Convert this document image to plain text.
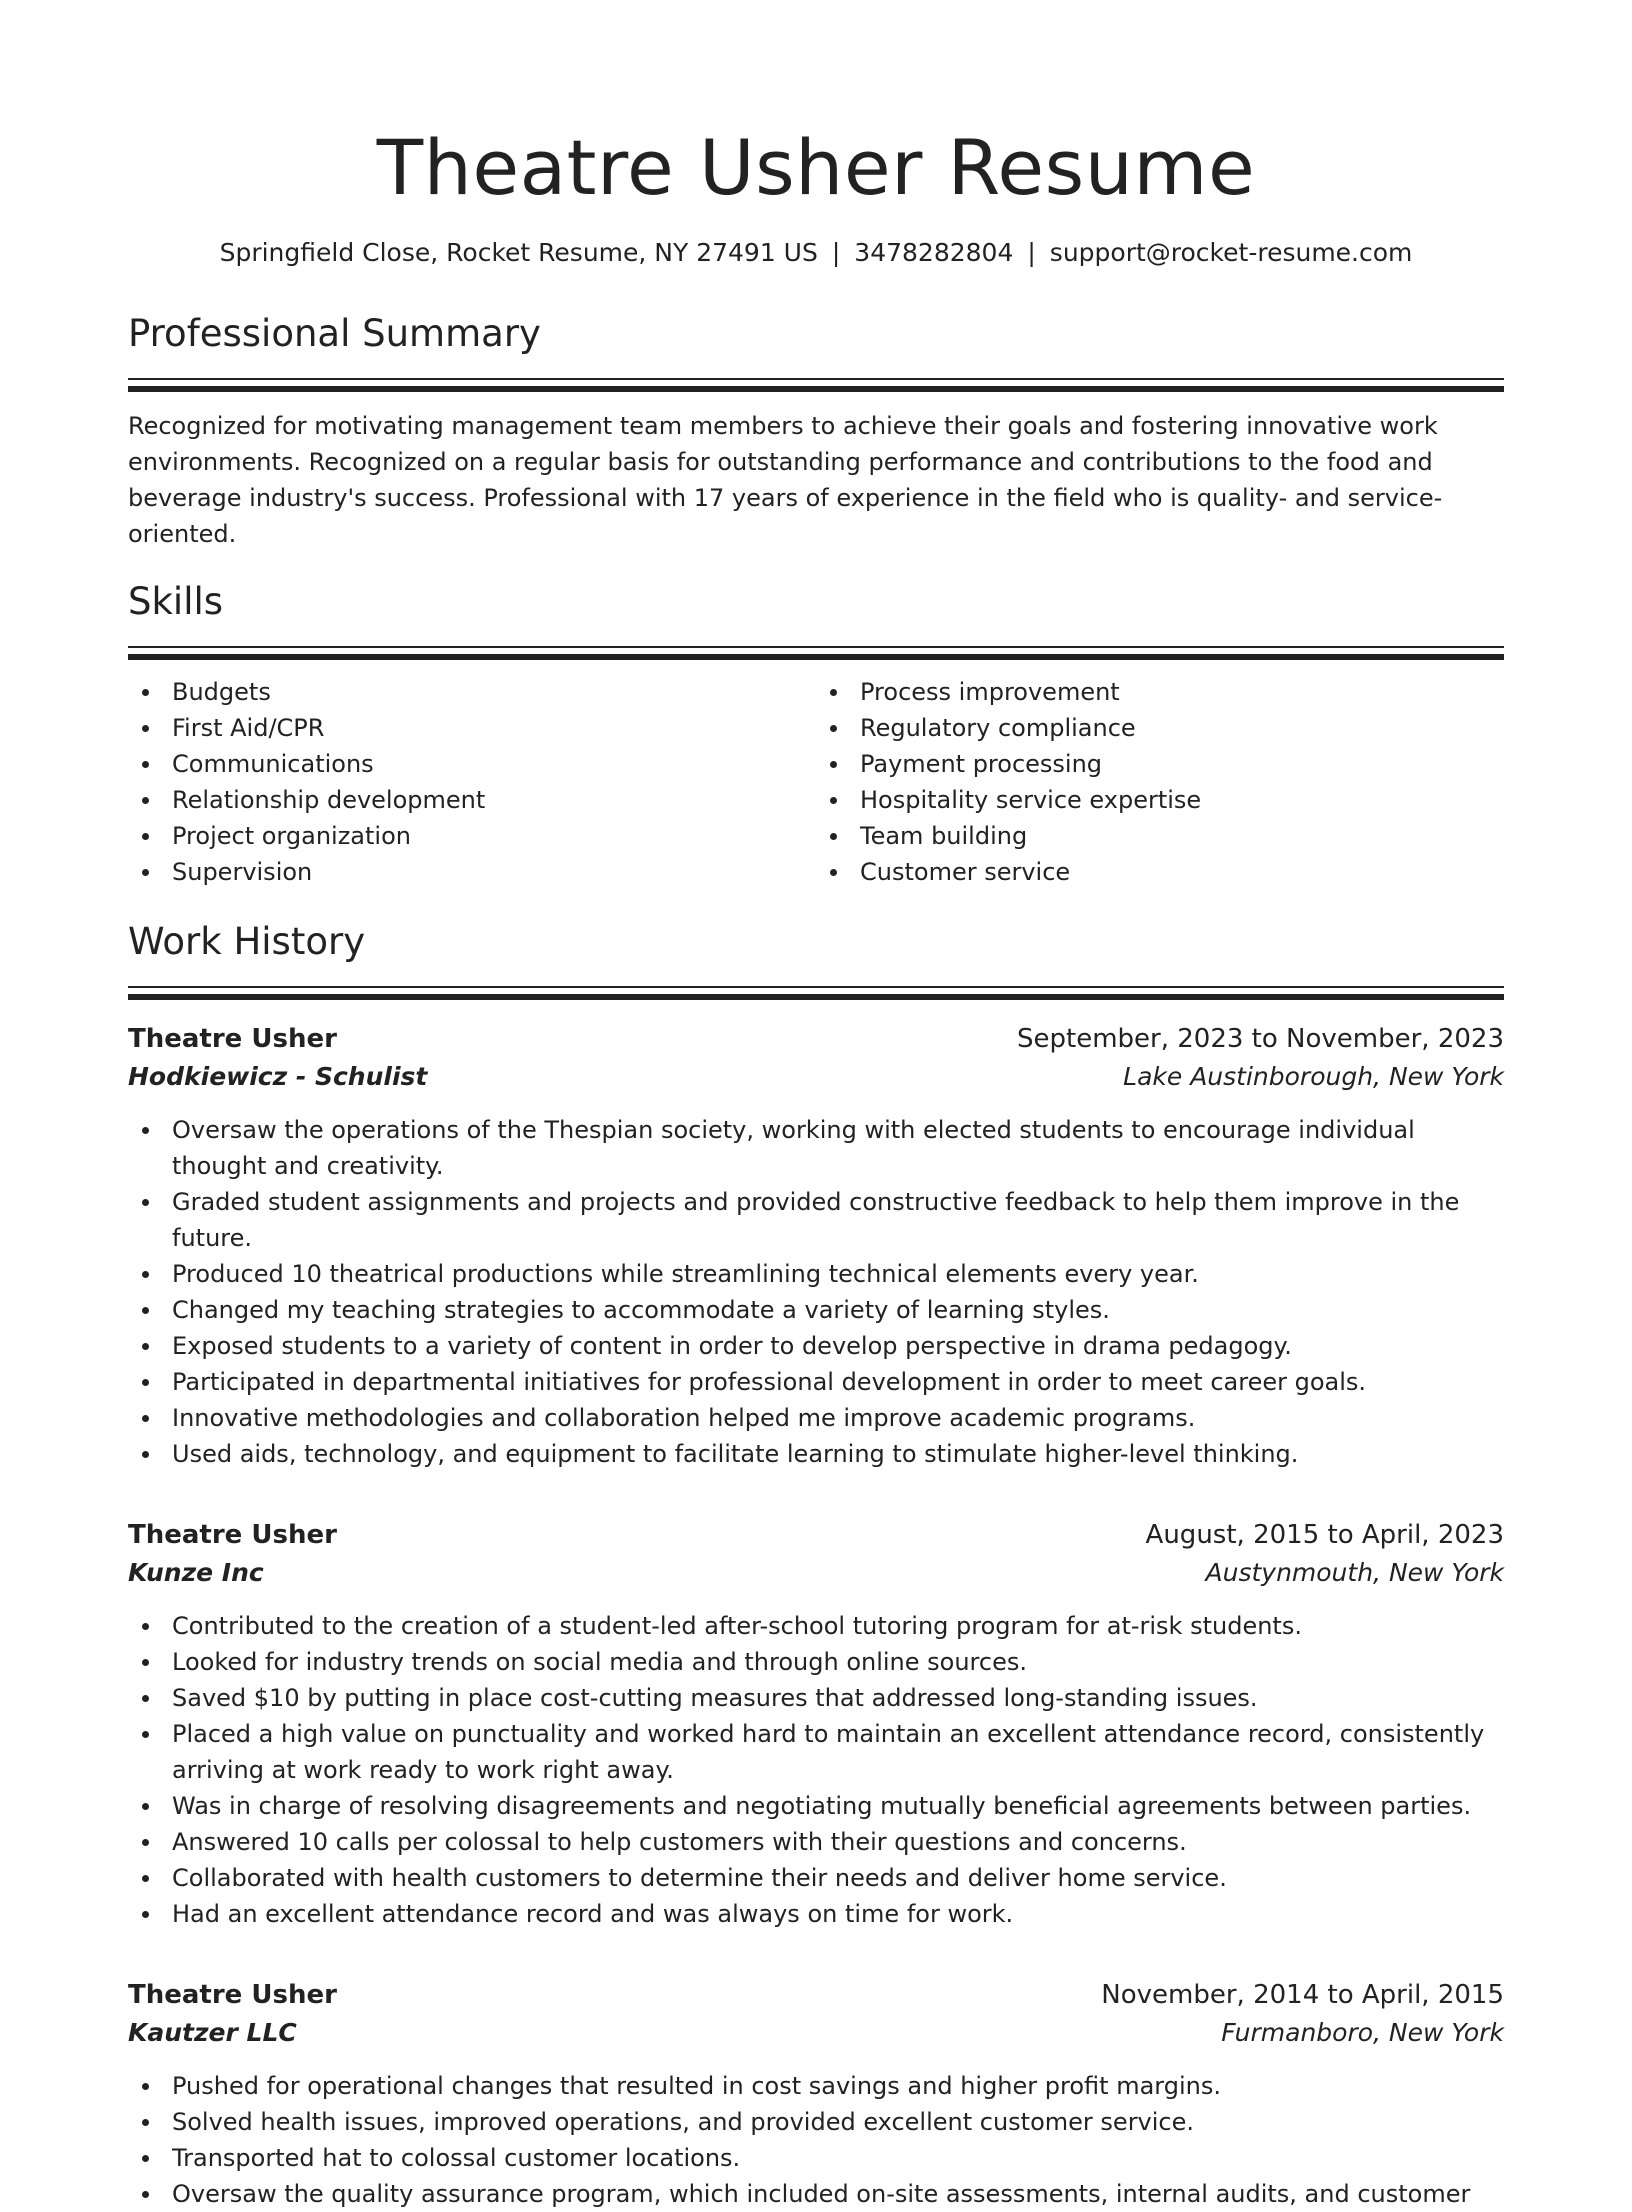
Theatre Usher Resume
Springfield Close, Rocket Resume, NY 27491 US | 3478282804 | support@rocket-resume.com
Professional Summary

Recognized for motivating management team members to achieve their goals and fostering innovative work environments. Recognized on a regular basis for outstanding performance and contributions to the food and beverage industry's success. Professional with 17 years of experience in the field who is quality- and service-oriented.

Skills
Budgets
First Aid/CPR
Communications
Relationship development
Project organization
Supervision
Process improvement
Regulatory compliance
Payment processing
Hospitality service expertise
Team building
Customer service
Work History
Theatre Usher	September, 2023 to November, 2023
Hodkiewicz - Schulist	Lake Austinborough, New York
Oversaw the operations of the Thespian society, working with elected students to encourage individual thought and creativity.
Graded student assignments and projects and provided constructive feedback to help them improve in the future.
Produced 10 theatrical productions while streamlining technical elements every year.
Changed my teaching strategies to accommodate a variety of learning styles.
Exposed students to a variety of content in order to develop perspective in drama pedagogy.
Participated in departmental initiatives for professional development in order to meet career goals.
Innovative methodologies and collaboration helped me improve academic programs.
Used aids, technology, and equipment to facilitate learning to stimulate higher-level thinking.
Theatre Usher	August, 2015 to April, 2023
Kunze Inc	Austynmouth, New York
Contributed to the creation of a student-led after-school tutoring program for at-risk students.
Looked for industry trends on social media and through online sources.
Saved $10 by putting in place cost-cutting measures that addressed long-standing issues.
Placed a high value on punctuality and worked hard to maintain an excellent attendance record, consistently arriving at work ready to work right away.
Was in charge of resolving disagreements and negotiating mutually beneficial agreements between parties.
Answered 10 calls per colossal to help customers with their questions and concerns.
Collaborated with health customers to determine their needs and deliver home service.
Had an excellent attendance record and was always on time for work.
Theatre Usher	November, 2014 to April, 2015
Kautzer LLC	Furmanboro, New York
Pushed for operational changes that resulted in cost savings and higher profit margins.
Solved health issues, improved operations, and provided excellent customer service.
Transported hat to colossal customer locations.
Oversaw the quality assurance program, which included on-site assessments, internal audits, and customer
